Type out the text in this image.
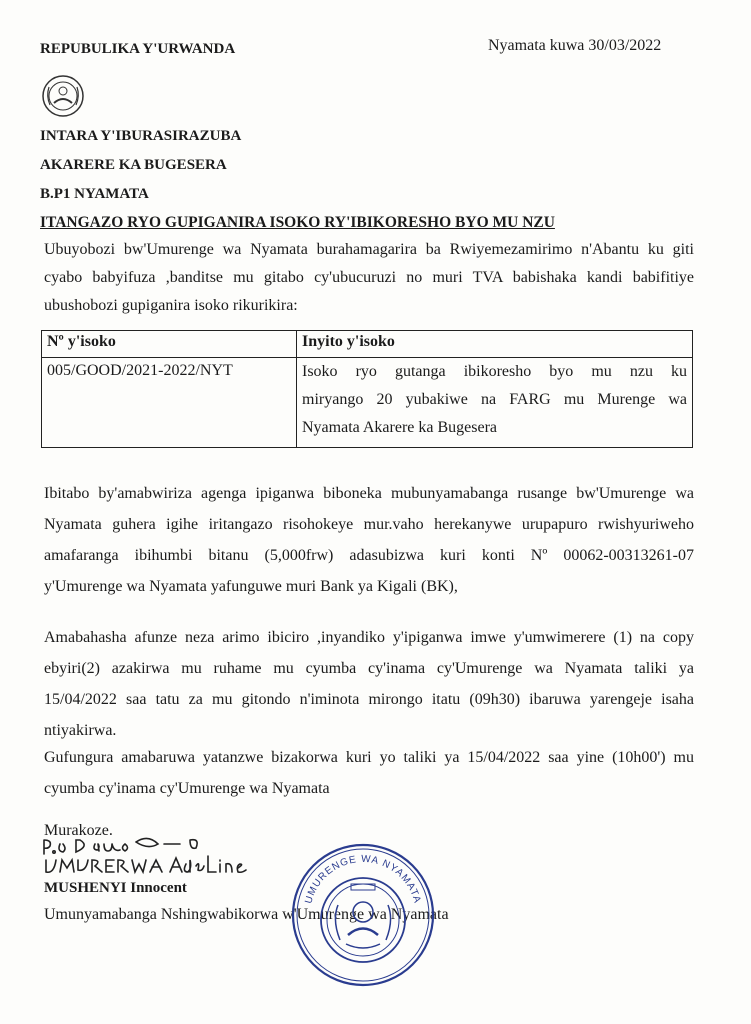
REPUBULIKA Y'URWANDA	Nyamata kuwa 30/03/2022
INTARA Y'IBURASIRAZUBA
AKARERE KA BUGESERA
B.P1 NYAMATA
ITANGAZO RYO GUPIGANIRA ISOKO RY'IBIKORESHO BYO MU NZU
Ubuyobozi bw'Umurenge wa Nyamata burahamagarira ba Rwiyemezamirimo n'Abantu ku giti
cyabo babyifuza ,banditse mu gitabo cy'ubucuruzi no muri TVA babishaka kandi babifitiye
ubushobozi gupiganira isoko rikurikira:
Nº y'isoko	Inyito y'isoko
005/GOOD/2021-2022/NYT	Isoko ryo gutanga ibikoresho byo mu nzu ku
miryango 20 yubakiwe na FARG mu Murenge wa
Nyamata Akarere ka Bugesera
Ibitabo by'amabwiriza agenga ipiganwa biboneka mubunyamabanga rusange bw'Umurenge wa
Nyamata guhera igihe iritangazo risohokeye mur.vaho herekanywe urupapuro rwishyuriweho
amafaranga ibihumbi bitanu (5,000frw) adasubizwa kuri konti Nº 00062-00313261-07
y'Umurenge wa Nyamata yafunguwe muri Bank ya Kigali (BK),
Amabahasha afunze neza arimo ibiciro ,inyandiko y'ipiganwa imwe y'umwimerere (1) na copy
ebyiri(2) azakirwa mu ruhame mu cyumba cy'inama cy'Umurenge wa Nyamata taliki ya
15/04/2022 saa tatu za mu gitondo n'iminota mirongo itatu (09h30) ibaruwa yarengeje isaha
ntiyakirwa.
Gufungura amabaruwa yatanzwe bizakorwa kuri yo taliki ya 15/04/2022 saa yine (10h00') mu
cyumba cy'inama cy'Umurenge wa Nyamata
Murakoze.
MUSHENYI Innocent
Umunyamabanga Nshingwabikorwa w'Umurenge wa Nyamata
UMURENGE WA NYAMATA
